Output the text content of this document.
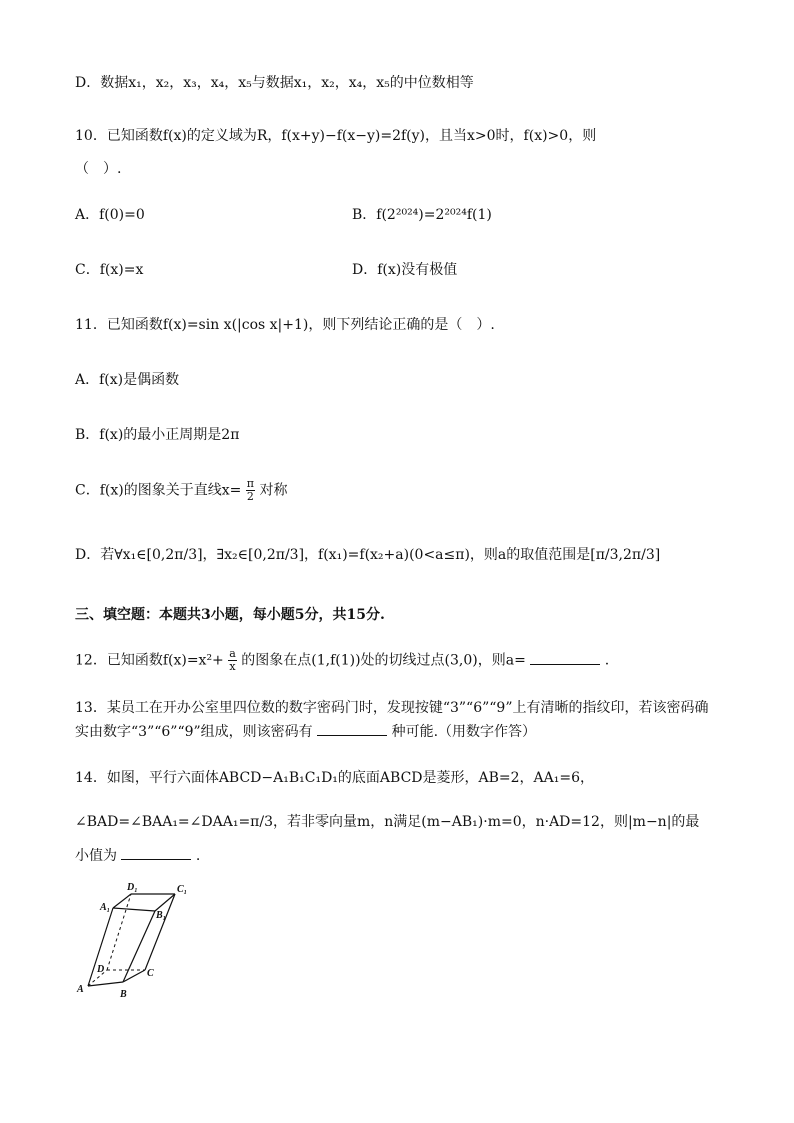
D．数据x₁，x₂，x₃，x₄，x₅与数据x₁，x₂，x₄，x₅的中位数相等
10．已知函数f(x)的定义域为R，f(x+y)−f(x−y)=2f(y)，且当x>0时，f(x)>0，则
（　）.
A．f(0)=0	B．f(2²⁰²⁴)=2²⁰²⁴f(1)
C．f(x)=x	D．f(x)没有极值
11．已知函数f(x)=sin x(|cos x|+1)，则下列结论正确的是（　）.
A．f(x)是偶函数
B．f(x)的最小正周期是2π
C．f(x)的图象关于直线$x= \frac{\pi}{2}$ 对称
D．若∀x₁∈[0,2π/3]，∃x₂∈[0,2π/3]，f(x₁)=f(x₂+a)(0<a≤π)，则a的取值范围是[π/3,2π/3]
三、填空题：本题共3小题，每小题5分，共15分.
12．已知函数$f(x)=x^2+ \frac{a}{x}$ 的图象在点(1,f(1))处的切线过点(3,0)，则a=	.
13．某员工在开办公室里四位数的数字密码门时，发现按键“3”“6”“9”上有清晰的指纹印，若该密码确
实由数字“3”“6”“9”组成，则该密码有	种可能.（用数字作答）
14．如图，平行六面体ABCD−A₁B₁C₁D₁的底面ABCD是菱形，AB=2，AA₁=6，
∠BAD=∠BAA₁=∠DAA₁=π/3，若非零向量m，n满足(m−AB₁)·m=0，n·AD=12，则|m−n|的最
小值为	.
D₁	C₁
A₁
B₁
D	C
A	B
